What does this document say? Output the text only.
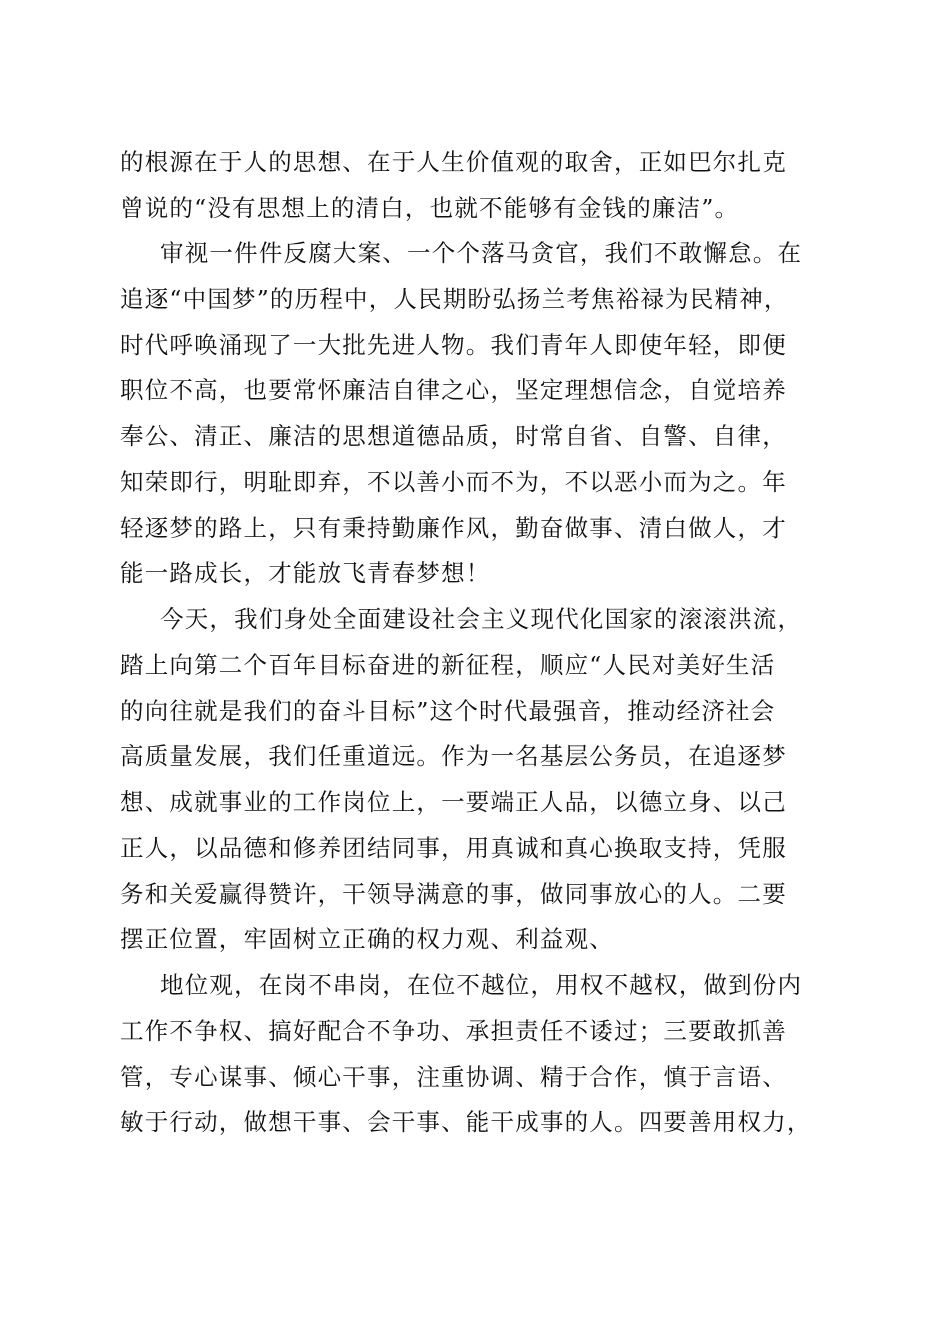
的根源在于人的思想、在于人生价值观的取舍，正如巴尔扎克
曾说的“没有思想上的清白，也就不能够有金钱的廉洁”。
审视一件件反腐大案、一个个落马贪官，我们不敢懈怠。在
追逐“中国梦”的历程中，人民期盼弘扬兰考焦裕禄为民精神，
时代呼唤涌现了一大批先进人物。我们青年人即使年轻，即便
职位不高，也要常怀廉洁自律之心，坚定理想信念，自觉培养
奉公、清正、廉洁的思想道德品质，时常自省、自警、自律，
知荣即行，明耻即弃，不以善小而不为，不以恶小而为之。年
轻逐梦的路上，只有秉持勤廉作风，勤奋做事、清白做人，才
能一路成长，才能放飞青春梦想！
今天，我们身处全面建设社会主义现代化国家的滚滚洪流，
踏上向第二个百年目标奋进的新征程，顺应“人民对美好生活
的向往就是我们的奋斗目标”这个时代最强音，推动经济社会
高质量发展，我们任重道远。作为一名基层公务员，在追逐梦
想、成就事业的工作岗位上，一要端正人品，以德立身、以己
正人，以品德和修养团结同事，用真诚和真心换取支持，凭服
务和关爱赢得赞许，干领导满意的事，做同事放心的人。二要
摆正位置，牢固树立正确的权力观、利益观、
地位观，在岗不串岗，在位不越位，用权不越权，做到份内
工作不争权、搞好配合不争功、承担责任不诿过；三要敢抓善
管，专心谋事、倾心干事，注重协调、精于合作，慎于言语、
敏于行动，做想干事、会干事、能干成事的人。四要善用权力，
